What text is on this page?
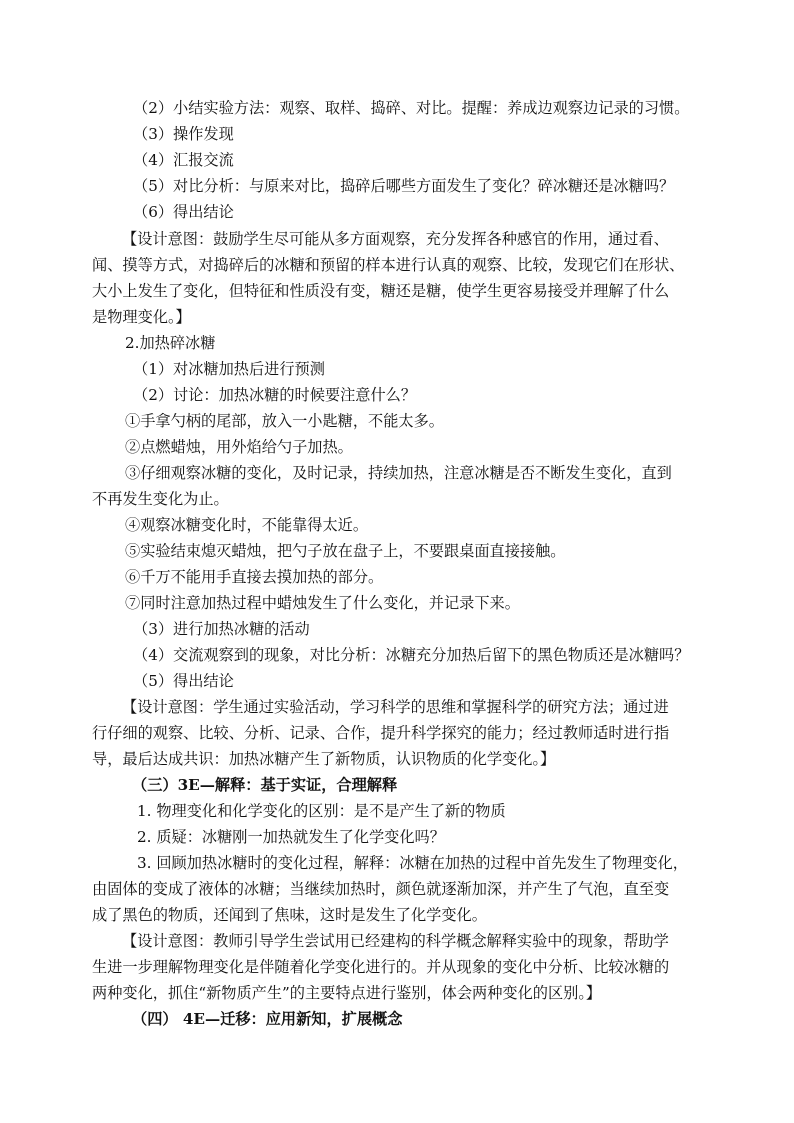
（2）小结实验方法：观察、取样、捣碎、对比。提醒：养成边观察边记录的习惯。
（3）操作发现
（4）汇报交流
（5）对比分析：与原来对比，捣碎后哪些方面发生了变化？碎冰糖还是冰糖吗？
（6）得出结论
【设计意图：鼓励学生尽可能从多方面观察，充分发挥各种感官的作用，通过看、
闻、摸等方式，对捣碎后的冰糖和预留的样本进行认真的观察、比较，发现它们在形状、
大小上发生了变化，但特征和性质没有变，糖还是糖，使学生更容易接受并理解了什么
是物理变化。】
2.加热碎冰糖
（1）对冰糖加热后进行预测
（2）讨论：加热冰糖的时候要注意什么？
①手拿勺柄的尾部，放入一小匙糖，不能太多。
②点燃蜡烛，用外焰给勺子加热。
③仔细观察冰糖的变化，及时记录，持续加热，注意冰糖是否不断发生变化，直到
不再发生变化为止。
④观察冰糖变化时，不能靠得太近。
⑤实验结束熄灭蜡烛，把勺子放在盘子上，不要跟桌面直接接触。
⑥千万不能用手直接去摸加热的部分。
⑦同时注意加热过程中蜡烛发生了什么变化，并记录下来。
（3）进行加热冰糖的活动
（4）交流观察到的现象，对比分析：冰糖充分加热后留下的黑色物质还是冰糖吗？
（5）得出结论
【设计意图：学生通过实验活动，学习科学的思维和掌握科学的研究方法；通过进
行仔细的观察、比较、分析、记录、合作，提升科学探究的能力；经过教师适时进行指
导，最后达成共识：加热冰糖产生了新物质，认识物质的化学变化。】
（三）3E—解释：基于实证，合理解释
1. 物理变化和化学变化的区别：是不是产生了新的物质
2. 质疑：冰糖刚一加热就发生了化学变化吗？
3. 回顾加热冰糖时的变化过程，解释：冰糖在加热的过程中首先发生了物理变化，
由固体的变成了液体的冰糖；当继续加热时，颜色就逐渐加深，并产生了气泡，直至变
成了黑色的物质，还闻到了焦味，这时是发生了化学变化。
【设计意图：教师引导学生尝试用已经建构的科学概念解释实验中的现象，帮助学
生进一步理解物理变化是伴随着化学变化进行的。并从现象的变化中分析、比较冰糖的
两种变化，抓住“新物质产生”的主要特点进行鉴别，体会两种变化的区别。】
（四） 4E—迁移：应用新知，扩展概念
